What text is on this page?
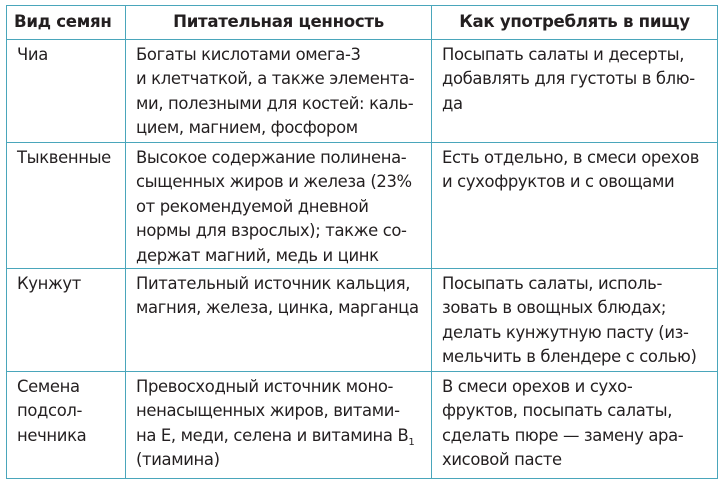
Вид семян	Питательная ценность	Как употреблять в пищу

Чиа	Богаты кислотами омега-3
и клетчаткой, а также элемента-
ми, полезными для костей: каль-
цием, магнием, фосфором	Посыпать салаты и десерты,
добавлять для густоты в блю-
да

Тыквенные	Высокое содержание полинена-
сыщенных жиров и железа (23%
от рекомендуемой дневной
нормы для взрослых); также со-
держат магний, медь и цинк	Есть отдельно, в смеси орехов
и сухофруктов и с овощами

Кунжут	Питательный источник кальция,
магния, железа, цинка, марганца	Посыпать салаты, исполь-
зовать в овощных блюдах;
делать кунжутную пасту (из-
мельчить в блендере с солью)

Семена
подсол-
нечника	Превосходный источник моно-
ненасыщенных жиров, витами-
на Е, меди, селена и витамина $B_1$
(тиамина)	В смеси орехов и сухо-
фруктов, посыпать салаты,
сделать пюре — замену ара-
хисовой пасте
